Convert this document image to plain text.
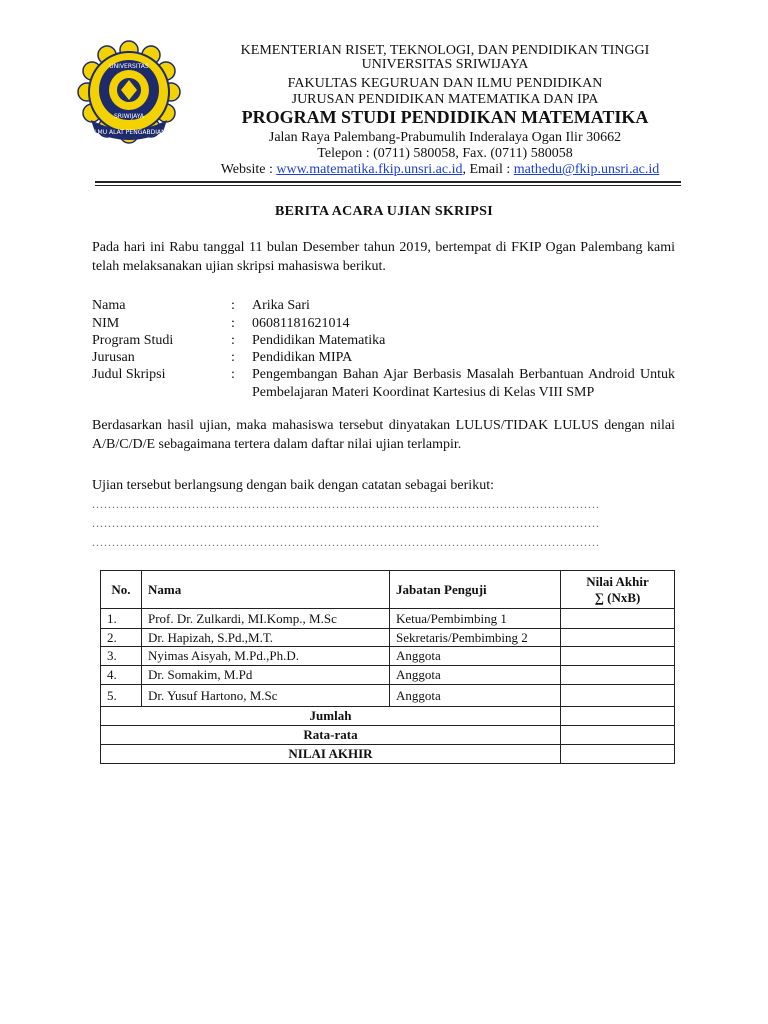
ILMU ALAT PENGABDIAN
UNIVERSITAS
SRIWIJAYA
KEMENTERIAN RISET, TEKNOLOGI, DAN PENDIDIKAN TINGGI
UNIVERSITAS SRIWIJAYA
FAKULTAS KEGURUAN DAN ILMU PENDIDIKAN
JURUSAN PENDIDIKAN MATEMATIKA DAN IPA
PROGRAM STUDI PENDIDIKAN MATEMATIKA
Jalan Raya Palembang-Prabumulih Inderalaya Ogan Ilir 30662
Telepon : (0711) 580058, Fax. (0711) 580058
Website : www.matematika.fkip.unsri.ac.id, Email : mathedu@fkip.unsri.ac.id
BERITA ACARA UJIAN SKRIPSI
Pada hari ini Rabu tanggal 11 bulan Desember tahun 2019, bertempat di FKIP Ogan Palembang kami telah melaksanakan ujian skripsi mahasiswa berikut.
Nama	: Arika Sari
NIM	: 06081181621014
Program Studi	: Pendidikan Matematika
Jurusan	: Pendidikan MIPA
Judul Skripsi	: Pengembangan Bahan Ajar Berbasis Masalah Berbantuan Android Untuk Pembelajaran Materi Koordinat Kartesius di Kelas VIII SMP
Berdasarkan hasil ujian, maka mahasiswa tersebut dinyatakan LULUS/TIDAK LULUS dengan nilai A/B/C/D/E sebagaimana tertera dalam daftar nilai ujian terlampir.
Ujian tersebut berlangsung dengan baik dengan catatan sebagai berikut:
...............................................................................................................................
...............................................................................................................................
...............................................................................................................................
No.	Nama	Jabatan Penguji	Nilai Akhir
∑ (NxB)

1.	Prof. Dr. Zulkardi, MI.Komp., M.Sc	Ketua/Pembimbing 1	
2.	Dr. Hapizah, S.Pd.,M.T.	Sekretaris/Pembimbing 2	
3.	Nyimas Aisyah, M.Pd.,Ph.D.	Anggota	
4.	Dr. Somakim, M.Pd	Anggota	
5.	Dr. Yusuf Hartono, M.Sc	Anggota	
Jumlah			
Rata-rata			
NILAI AKHIR			
